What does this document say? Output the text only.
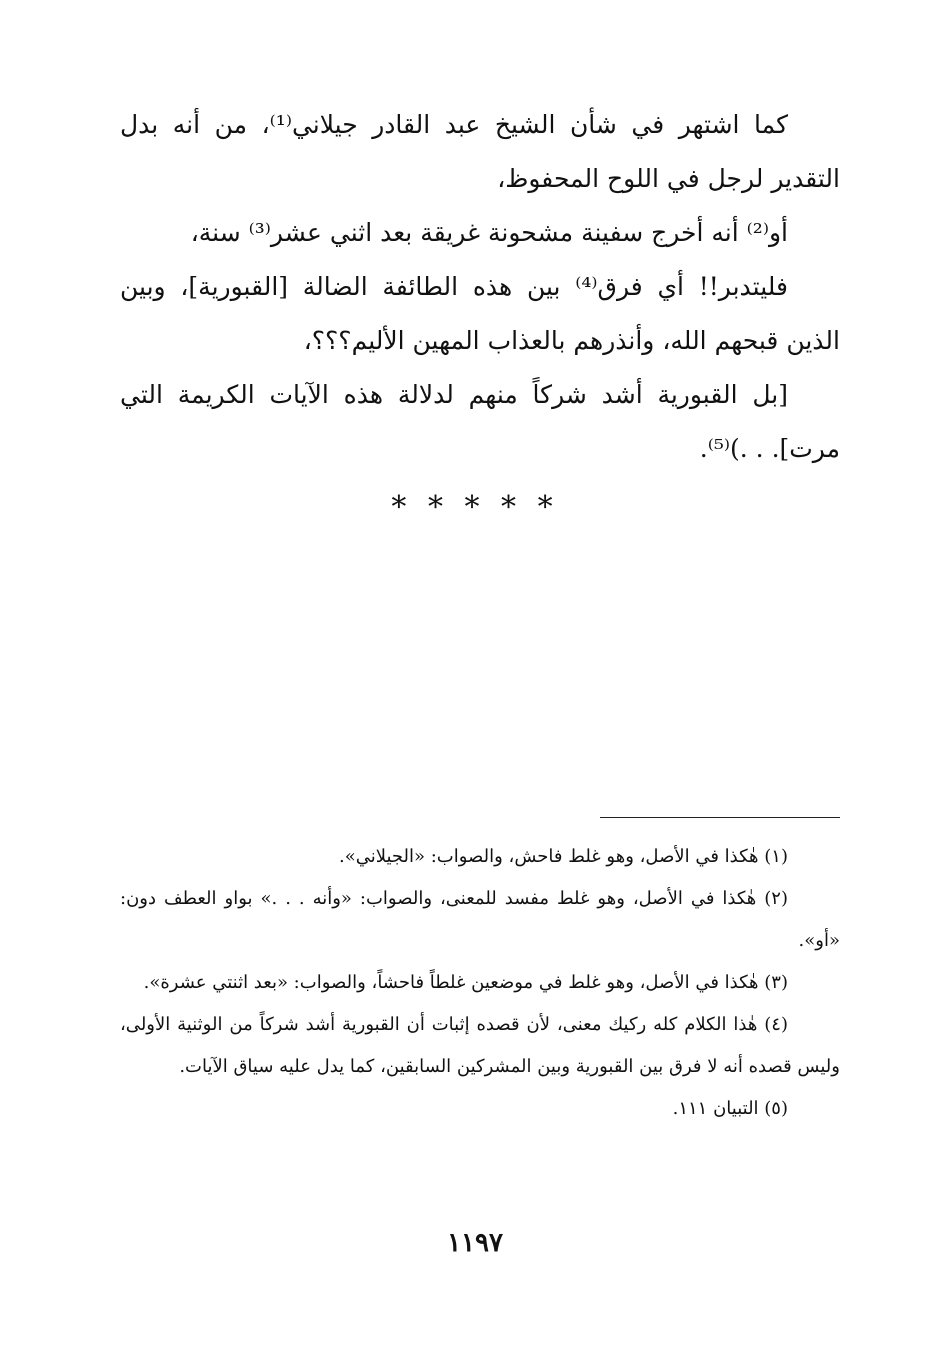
كما اشتهر في شأن الشيخ عبد القادر جيلاني⁽¹⁾، من أنه بدل التقدير لرجل في اللوح المحفوظ،

أو⁽²⁾ أنه أخرج سفينة مشحونة غريقة بعد اثني عشر⁽³⁾ سنة،

فليتدبر!! أي فرق⁽⁴⁾ بين هذه الطائفة الضالة [القبورية]، وبين الذين قبحهم الله، وأنذرهم بالعذاب المهين الأليم؟؟؟،

[بل القبورية أشد شركاً منهم لدلالة هذه الآيات الكريمة التي مرت]. . .)⁽⁵⁾.

* * * * *

(١) هٰكذا في الأصل، وهو غلط فاحش، والصواب: «الجيلاني».

(٢) هٰكذا في الأصل، وهو غلط مفسد للمعنى، والصواب: «وأنه . . .» بواو العطف دون: «أو».

(٣) هٰكذا في الأصل، وهو غلط في موضعين غلطاً فاحشاً، والصواب: «بعد اثنتي عشرة».

(٤) هٰذا الكلام كله ركيك معنى، لأن قصده إثبات أن القبورية أشد شركاً من الوثنية الأولى، وليس قصده أنه لا فرق بين القبورية وبين المشركين السابقين، كما يدل عليه سياق الآيات.

(٥) التبيان ١١١.

١١٩٧
